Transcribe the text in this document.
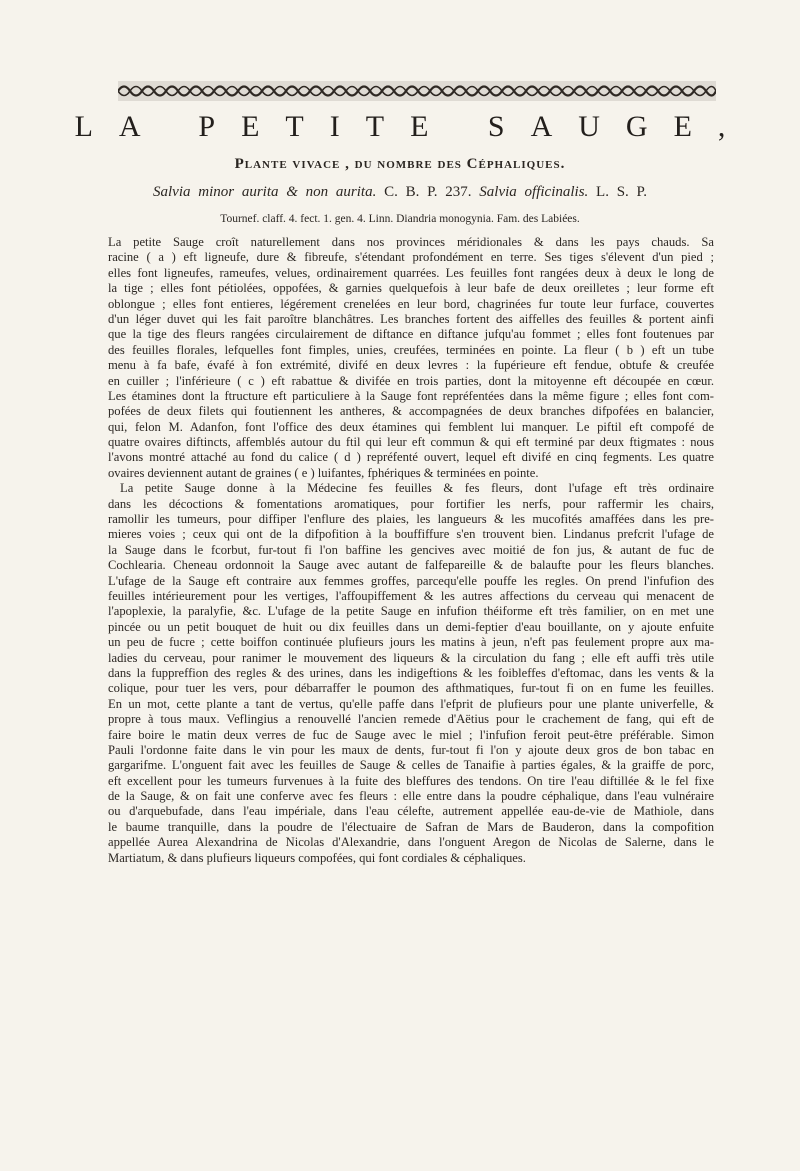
LA PETITE SAUGE,
Plante vivace , du nombre des Céphaliques.
Salvia minor aurita & non aurita. C. B. P. 237. Salvia officinalis. L. S. P.
Tournef. claff. 4. fect. 1. gen. 4. Linn. Diandria monogynia. Fam. des Labiées.
La petite Sauge croît naturellement dans nos provinces méridionales & dans les pays chauds. Sa
racine ( a ) eft ligneufe, dure & fibreufe, s'étendant profondément en terre. Ses tiges s'élevent d'un pied ;
elles font ligneufes, rameufes, velues, ordinairement quarrées. Les feuilles font rangées deux à deux le long de
la tige ; elles font pétiolées, oppofées, & garnies quelquefois à leur bafe de deux oreilletes ; leur forme eft
oblongue ; elles font entieres, légérement crenelées en leur bord, chagrinées fur toute leur furface, couvertes
d'un léger duvet qui les fait paroître blanchâtres. Les branches fortent des aiffelles des feuilles & portent ainfi
que la tige des fleurs rangées circulairement de diftance en diftance jufqu'au fommet ; elles font foutenues par
des feuilles florales, lefquelles font fimples, unies, creufées, terminées en pointe. La fleur ( b ) eft un tube
menu à fa bafe, évafé à fon extrémité, divifé en deux levres : la fupérieure eft fendue, obtufe & creufée
en cuiller ; l'inférieure ( c ) eft rabattue & divifée en trois parties, dont la mitoyenne eft découpée en cœur.
Les étamines dont la ftructure eft particuliere à la Sauge font repréfentées dans la même figure ; elles font com-
pofées de deux filets qui foutiennent les antheres, & accompagnées de deux branches difpofées en balancier,
qui, felon M. Adanfon, font l'office des deux étamines qui femblent lui manquer. Le piftil eft compofé de
quatre ovaires diftincts, affemblés autour du ftil qui leur eft commun & qui eft terminé par deux ftigmates : nous
l'avons montré attaché au fond du calice ( d ) repréfenté ouvert, lequel eft divifé en cinq fegments. Les quatre
ovaires deviennent autant de graines ( e ) luifantes, fphériques & terminées en pointe.
La petite Sauge donne à la Médecine fes feuilles & fes fleurs, dont l'ufage eft très ordinaire
dans les décoctions & fomentations aromatiques, pour fortifier les nerfs, pour raffermir les chairs,
ramollir les tumeurs, pour diffiper l'enflure des plaies, les langueurs & les mucofités amaffées dans les pre-
mieres voies ; ceux qui ont de la difpofition à la bouffiffure s'en trouvent bien. Lindanus prefcrit l'ufage de
la Sauge dans le fcorbut, fur-tout fi l'on baffine les gencives avec moitié de fon jus, & autant de fuc de
Cochlearia. Cheneau ordonnoit la Sauge avec autant de falfepareille & de balaufte pour les fleurs blanches.
L'ufage de la Sauge eft contraire aux femmes groffes, parcequ'elle pouffe les regles. On prend l'infufion des
feuilles intérieurement pour les vertiges, l'affoupiffement & les autres affections du cerveau qui menacent de
l'apoplexie, la paralyfie, &c. L'ufage de la petite Sauge en infufion théiforme eft très familier, on en met une
pincée ou un petit bouquet de huit ou dix feuilles dans un demi-feptier d'eau bouillante, on y ajoute enfuite
un peu de fucre ; cette boiffon continuée plufieurs jours les matins à jeun, n'eft pas feulement propre aux ma-
ladies du cerveau, pour ranimer le mouvement des liqueurs & la circulation du fang ; elle eft auffi très utile
dans la fuppreffion des regles & des urines, dans les indigeftions & les foibleffes d'eftomac, dans les vents & la
colique, pour tuer les vers, pour débarraffer le poumon des afthmatiques, fur-tout fi on en fume les feuilles.
En un mot, cette plante a tant de vertus, qu'elle paffe dans l'efprit de plufieurs pour une plante univerfelle, &
propre à tous maux. Veflingius a renouvellé l'ancien remede d'Aëtius pour le crachement de fang, qui eft de
faire boire le matin deux verres de fuc de Sauge avec le miel ; l'infufion feroit peut-être préférable. Simon
Pauli l'ordonne faite dans le vin pour les maux de dents, fur-tout fi l'on y ajoute deux gros de bon tabac en
gargarifme. L'onguent fait avec les feuilles de Sauge & celles de Tanaifie à parties égales, & la graiffe de porc,
eft excellent pour les tumeurs furvenues à la fuite des bleffures des tendons. On tire l'eau diftillée & le fel fixe
de la Sauge, & on fait une conferve avec fes fleurs : elle entre dans la poudre céphalique, dans l'eau vulnéraire
ou d'arquebufade, dans l'eau impériale, dans l'eau célefte, autrement appellée eau-de-vie de Mathiole, dans
le baume tranquille, dans la poudre de l'électuaire de Safran de Mars de Bauderon, dans la compofition
appellée Aurea Alexandrina de Nicolas d'Alexandrie, dans l'onguent Aregon de Nicolas de Salerne, dans le
Martiatum, & dans plufieurs liqueurs compofées, qui font cordiales & céphaliques.
